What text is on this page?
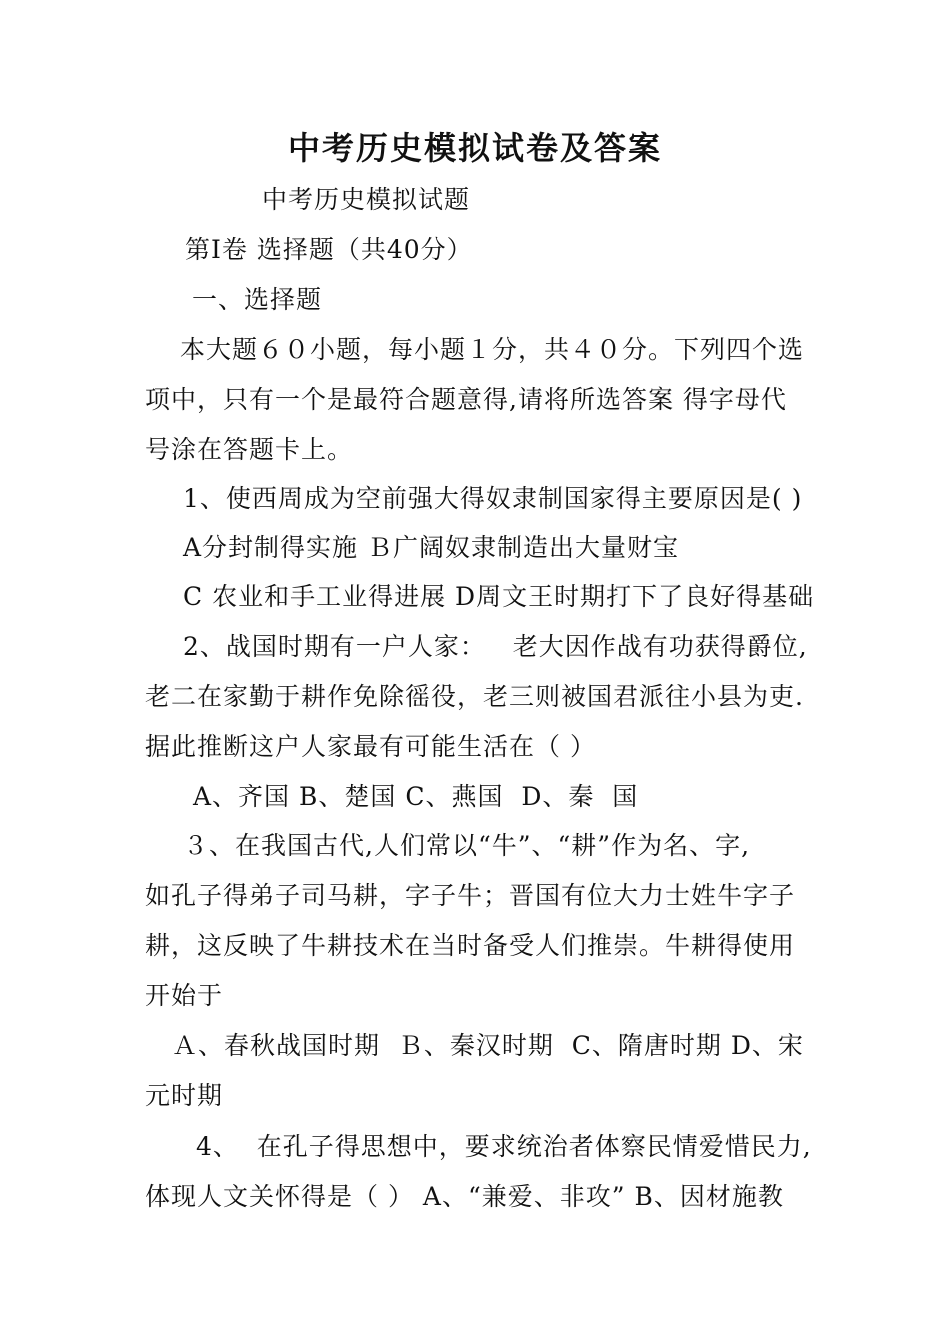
中考历史模拟试卷及答案
中考历史模拟试题
第Ⅰ卷 选择题（共40分）
一、选择题
本大题６０小题，每小题１分，共４０分。下列四个选
项中，只有一个是最符合题意得,请将所选答案 得字母代
号涂在答题卡上。
1、使西周成为空前强大得奴隶制国家得主要原因是( )
A分封制得实施 Ｂ广阔奴隶制造出大量财宝
C 农业和手工业得进展 D周文王时期打下了良好得基础
2、战国时期有一户人家：   老大因作战有功获得爵位,
老二在家勤于耕作免除徭役，老三则被国君派往小县为吏.
据此推断这户人家最有可能生活在（ ）
A、齐国 B、楚国 C、燕国  D、秦  国
３、在我国古代,人们常以“牛”、“耕”作为名、字,
如孔子得弟子司马耕，字子牛；晋国有位大力士姓牛字子
耕，这反映了牛耕技术在当时备受人们推崇。牛耕得使用
开始于
Ａ、春秋战国时期  Ｂ、秦汉时期  C、隋唐时期 D、宋
元时期
4、  在孔子得思想中，要求统治者体察民情爱惜民力,
体现人文关怀得是（ ） A、“兼爱、非攻” B、因材施教
